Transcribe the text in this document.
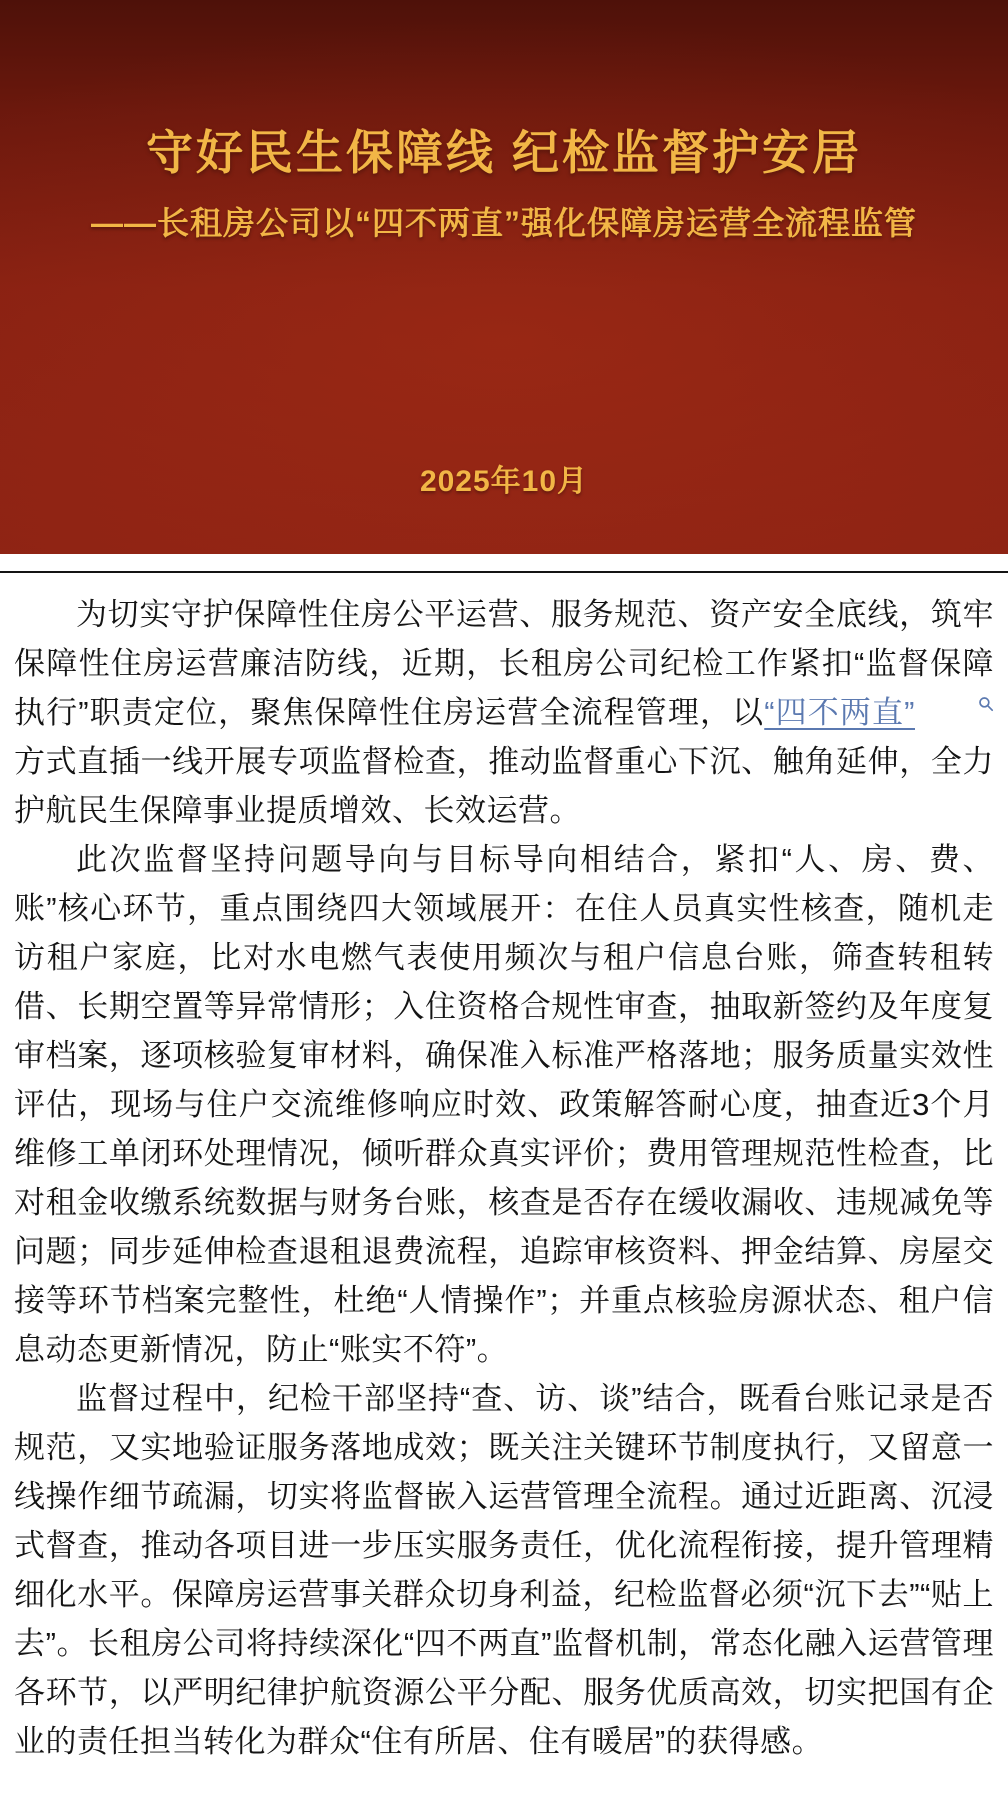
守好民生保障线 纪检监督护安居
——长租房公司以“四不两直”强化保障房运营全流程监管
2025年10月

为切实守护保障性住房公平运营、服务规范、资产安全底线，筑牢保障性住房运营廉洁防线，近期，长租房公司纪检工作紧扣“监督保障执行”职责定位，聚焦保障性住房运营全流程管理，以“四不两直”方式直插一线开展专项监督检查，推动监督重心下沉、触角延伸，全力护航民生保障事业提质增效、长效运营。

此次监督坚持问题导向与目标导向相结合，紧扣“人、房、费、账”核心环节，重点围绕四大领域展开：在住人员真实性核查，随机走访租户家庭，比对水电燃气表使用频次与租户信息台账，筛查转租转借、长期空置等异常情形；入住资格合规性审查，抽取新签约及年度复审档案，逐项核验复审材料，确保准入标准严格落地；服务质量实效性评估，现场与住户交流维修响应时效、政策解答耐心度，抽查近3个月维修工单闭环处理情况，倾听群众真实评价；费用管理规范性检查，比对租金收缴系统数据与财务台账，核查是否存在缓收漏收、违规减免等问题；同步延伸检查退租退费流程，追踪审核资料、押金结算、房屋交接等环节档案完整性，杜绝“人情操作”；并重点核验房源状态、租户信息动态更新情况，防止“账实不符”。

监督过程中，纪检干部坚持“查、访、谈”结合，既看台账记录是否规范，又实地验证服务落地成效；既关注关键环节制度执行，又留意一线操作细节疏漏，切实将监督嵌入运营管理全流程。通过近距离、沉浸式督查，推动各项目进一步压实服务责任，优化流程衔接，提升管理精细化水平。保障房运营事关群众切身利益，纪检监督必须“沉下去”“贴上去”。长租房公司将持续深化“四不两直”监督机制，常态化融入运营管理各环节，以严明纪律护航资源公平分配、服务优质高效，切实把国有企业的责任担当转化为群众“住有所居、住有暖居”的获得感。
